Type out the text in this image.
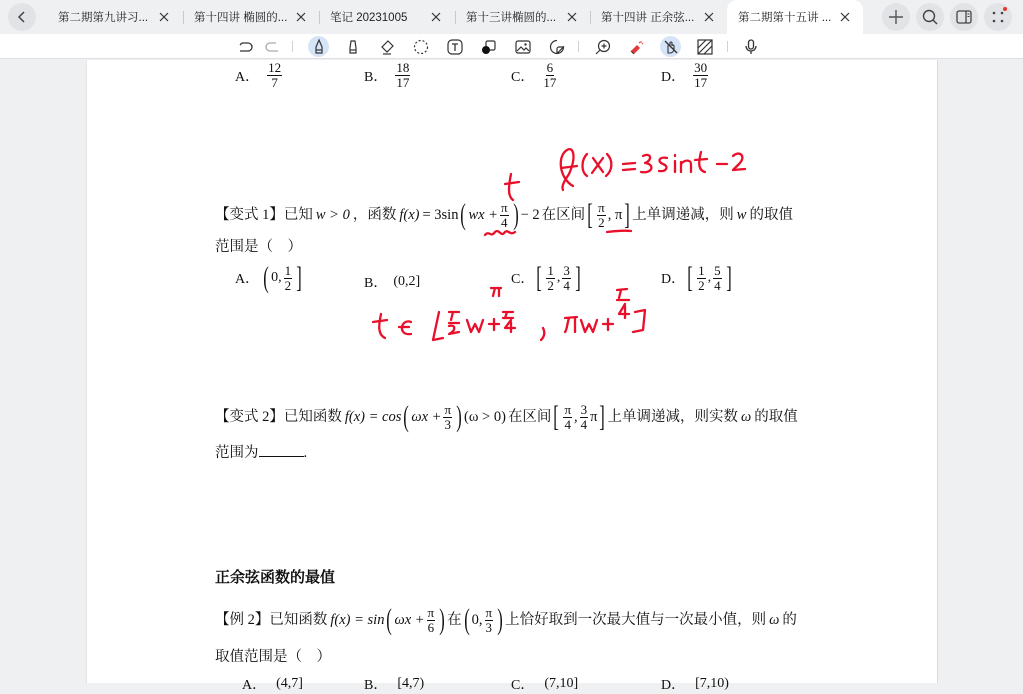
第二期第九讲习...	第十四讲 椭圆的...	笔记 20231005	第十三讲椭圆的...	第十四讲 正余弦...	第二期第十五讲 ...
A． $\frac{12}{7}$	B． $\frac{18}{17}$	C． $\frac{6}{17}$	D． $\frac{30}{17}$
【变式 1】 已知 w > 0 ，函数 f(x) = 3sin ( wx + $\frac{\pi}{4}$ ) − 2 在区间 [ $\frac{\pi}{2}$ , π ] 上单调递减，则 w 的取值
范围是（　）
A． ( 0, $\frac{1}{2}$ ]	B． (0,2]	C． [ $\frac{1}{2}$ , $\frac{3}{4}$ ]	D． [ $\frac{1}{2}$ , $\frac{5}{4}$ ]
【变式 2】 已知函数 f(x) = cos ( $\omega x + \frac{\pi}{3}$ ) (ω > 0) 在区间 [ $\frac{\pi}{4}$ , $\frac{3}{4}$ π ] 上单调递减，则实数 ω 的取值
范围为	.
正余弦函数的最值
【例 2】 已知函数 f(x) = sin ( $\omega x + \frac{\pi}{6}$ ) 在 ( 0, $\frac{\pi}{3}$ ) 上恰好取到一次最大值与一次最小值，则 ω 的
取值范围是（　）
A． (4,7]	B． [4,7)	C． (7,10]	D． [7,10)
